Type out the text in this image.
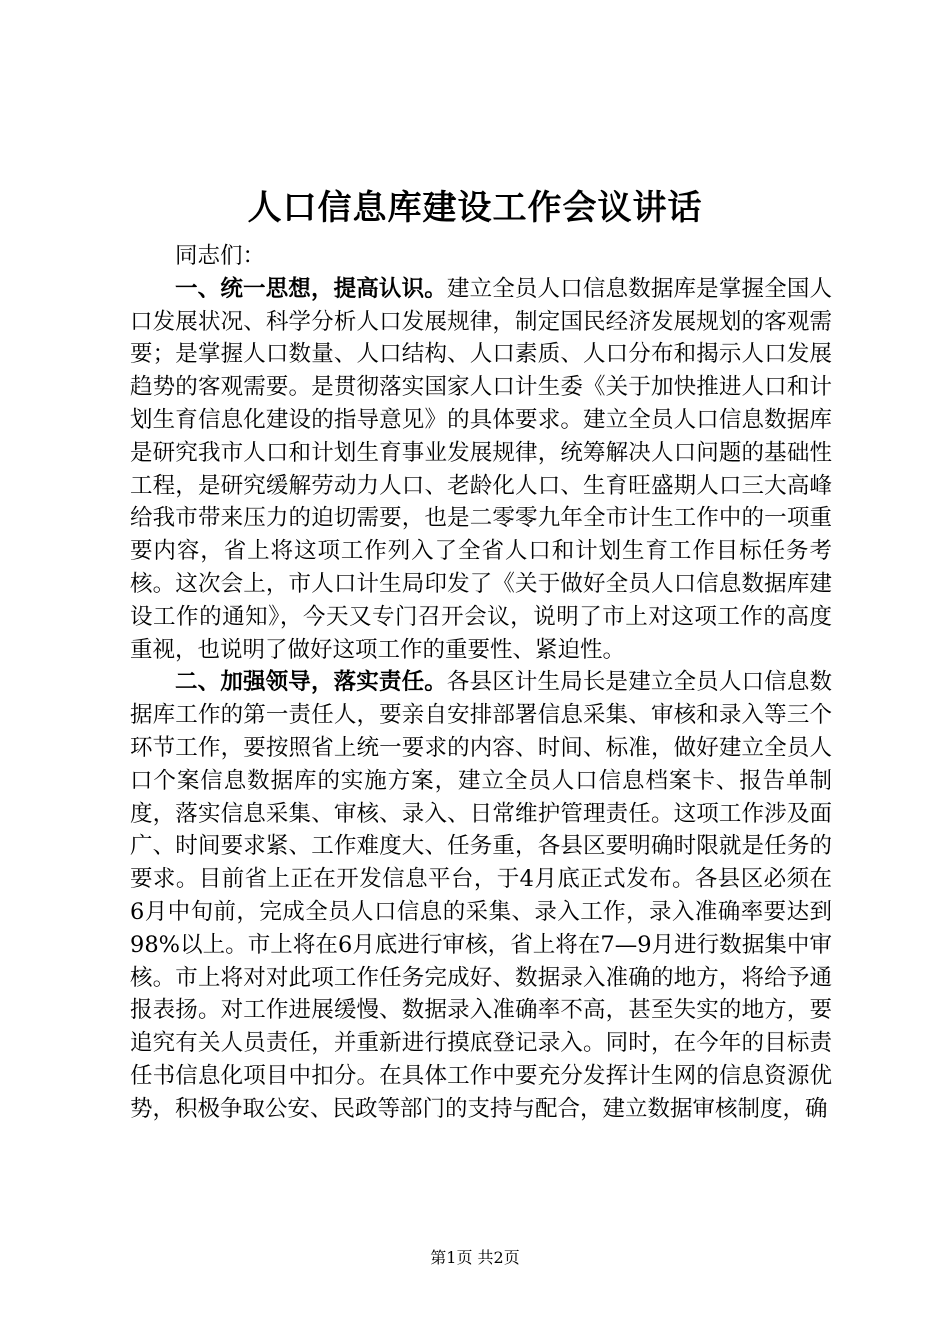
人口信息库建设工作会议讲话

同志们：

一、统一思想，提高认识。建立全员人口信息数据库是掌握全国人口发展状况、科学分析人口发展规律，制定国民经济发展规划的客观需要；是掌握人口数量、人口结构、人口素质、人口分布和揭示人口发展趋势的客观需要。是贯彻落实国家人口计生委《关于加快推进人口和计划生育信息化建设的指导意见》的具体要求。建立全员人口信息数据库是研究我市人口和计划生育事业发展规律，统筹解决人口问题的基础性工程，是研究缓解劳动力人口、老龄化人口、生育旺盛期人口三大高峰给我市带来压力的迫切需要，也是二零零九年全市计生工作中的一项重要内容，省上将这项工作列入了全省人口和计划生育工作目标任务考核。这次会上，市人口计生局印发了《关于做好全员人口信息数据库建设工作的通知》，今天又专门召开会议，说明了市上对这项工作的高度重视，也说明了做好这项工作的重要性、紧迫性。

二、加强领导，落实责任。各县区计生局长是建立全员人口信息数据库工作的第一责任人，要亲自安排部署信息采集、审核和录入等三个环节工作，要按照省上统一要求的内容、时间、标准，做好建立全员人口个案信息数据库的实施方案，建立全员人口信息档案卡、报告单制度，落实信息采集、审核、录入、日常维护管理责任。这项工作涉及面广、时间要求紧、工作难度大、任务重，各县区要明确时限就是任务的要求。目前省上正在开发信息平台，于4月底正式发布。各县区必须在6月中旬前，完成全员人口信息的采集、录入工作，录入准确率要达到98%以上。市上将在6月底进行审核，省上将在7—9月进行数据集中审核。市上将对对此项工作任务完成好、数据录入准确的地方，将给予通报表扬。对工作进展缓慢、数据录入准确率不高，甚至失实的地方，要追究有关人员责任，并重新进行摸底登记录入。同时，在今年的目标责任书信息化项目中扣分。在具体工作中要充分发挥计生网的信息资源优势，积极争取公安、民政等部门的支持与配合，建立数据审核制度，确

第1页 共2页
